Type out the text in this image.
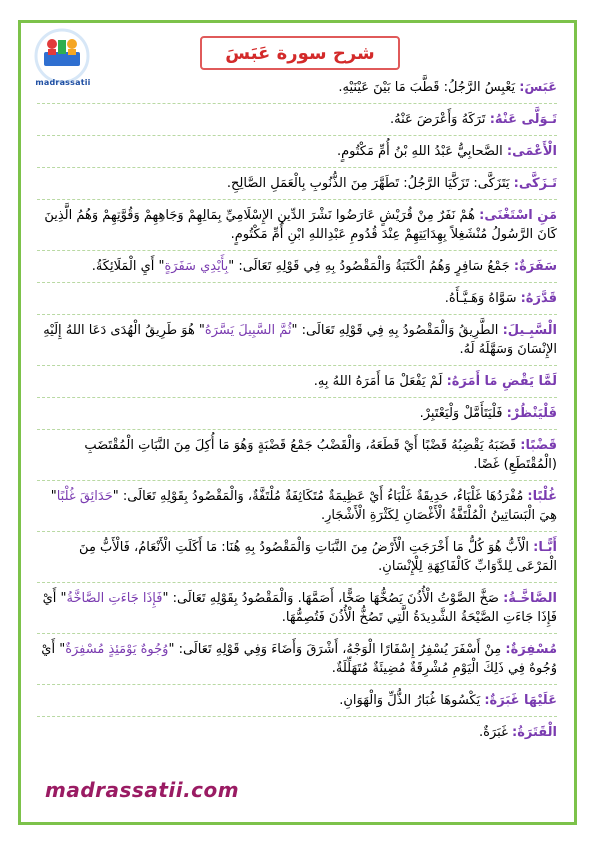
madrassatii
شرح سورة عَبَسَ

عَبَسَ: يَعْبِسُ الرَّجُلُ: قَطَّبَ مَا بَيْنَ عَيْنَيْهِ.

تَـوَلَّى عَنْهُ: تَرَكَهُ وَأَعْرَضَ عَنْهُ.

الْأَعْمَى: الصَّحابِيُّ عَبْدُ اللهِ بْنُ أُمِّ مَكْتُومٍ.

تَـزَكَّى: يَتَزَكَّى: تَزَكَّيَا الرَّجُلُ: تَطَهَّرَ مِنَ الذُّنُوبِ بِالْعَمَلِ الصَّالِحِ.

مَنِ اسْتَغْنَى: هُمْ نَفَرٌ مِنْ قُرَيْشٍ عَارَضُوا نَشْرَ الدِّينِ الإِسْلَامِيِّ بِمَالِهِمْ وَجَاهِهِمْ وَقُوَّتِهِمْ وَهُمُ الَّذِينَ كَانَ الرَّسُولُ مُنْشَغِلاً بِهِدَايَتِهِمْ عِنْدَ قُدُومِ عَبْدِاللهِ ابْنِ أُمِّ مَكْتُومٍ.

سَفَرَةٌ: جَمْعُ سَافِرٍ وَهُمُ الْكَتَبَةُ وَالْمَقْصُودُ بِهِ فِي قَوْلِهِ تَعَالَى: "بِأَيْدِي سَفَرَةٍ" أَيِ الْمَلَائِكَةُ.

قَدَّرَهُ: سَوَّاهُ وَهَـيَّـأَهُ.

الْسَّبِـيلَ: الطَّرِيقُ وَالْمَقْصُودُ بِهِ فِي قَوْلِهِ تَعَالَى: "ثُمَّ السَّبِيلَ يَسَّرَهُ" هُوَ طَرِيقُ الْهُدَى دَعَا اللهُ إِلَيْهِ الإِنْسَانَ وَسَهَّلَهُ لَهُ.

لَمَّا يَقْضِ مَا أَمَرَهُ: لَمْ يَفْعَلْ مَا أَمَرَهُ اللهُ بِهِ.

فَلْيَنْظُرْ: فَلْيَتَأَمَّلْ وَلْيَعْتَبِرْ.

قَضْبًا: قَضَبَهُ يَقْضِبُهُ قَضْبًا أَيْ قَطَعَهُ، وَالْقَضْبُ جَمْعُ قَضْبَةٍ وَهُوَ مَا أُكِلَ مِنَ النَّبَاتِ الْمُقْتَضَبِ (الْمُقْتَطَعِ) غَضًا.

غُلْبًا: مُفْرَدُهَا غَلْبَاءُ، حَدِيقَةٌ غَلْبَاءُ أَيْ عَظِيمَةٌ مُتَكَاثِفَةٌ مُلْتَفَّةٌ، وَالْمَقْصُودُ بِقَوْلِهِ تَعَالَى: "حَدَائِقَ غُلْبًا" هِيَ الْبَسَاتِينُ الْمُلْتَفَّةُ الْأَغْصَانِ لِكَثْرَةِ الْأَشْجَارِ.

أَبًّـا: الْأَبُّ هُوَ كُلُّ مَا أَخْرَجَتِ الْأَرْضُ مِنَ النَّبَاتِ وَالْمَقْصُودُ بِهِ هُنَا: مَا أَكَلَتِ الْأَنْعَامُ، فَالْأَبُّ مِنَ الْمَرْعَى لِلدَّوَابِّ كَالْفَاكِهَةِ لِلْإِنْسَانِ.

الصَّاخَّـةُ: صَخَّ الصَّوْتُ الْأُذُنَ يَصُخُّهَا صَخًّا، أَصَمَّهَا. وَالْمَقْصُودُ بِقَوْلِهِ تَعَالَى: "فَإِذَا جَاءَتِ الصَّاخَّةُ" أَيْ فَإِذَا جَاءَتِ الصَّيْحَةُ الشَّدِيدَةُ الَّتِي تَصُخُّ الْأُذُنَ فَتُصِمُّهَا.

مُسْفِرَةٌ: مِنْ أَسْفَرَ يُسْفِرُ إِسْفَارًا الْوَجْهُ، أَشْرَقَ وَأَضَاءَ وَفِي قَوْلِهِ تَعَالَى: "وُجُوهٌ يَوْمَئِذٍ مُسْفِرَةٌ" أَيْ وُجُوهٌ فِي ذَلِكَ الْيَوْمِ مُشْرِقَةٌ مُضِيئَةٌ مُتَهَلِّلَةٌ.

عَلَيْهَا غَبَرَةٌ: يَكْسُوهَا غُبَارُ الذُّلِّ وَالْهَوَانِ.

الْقَتَرَةُ: غَبَرَةٌ.

madrassatii.com
